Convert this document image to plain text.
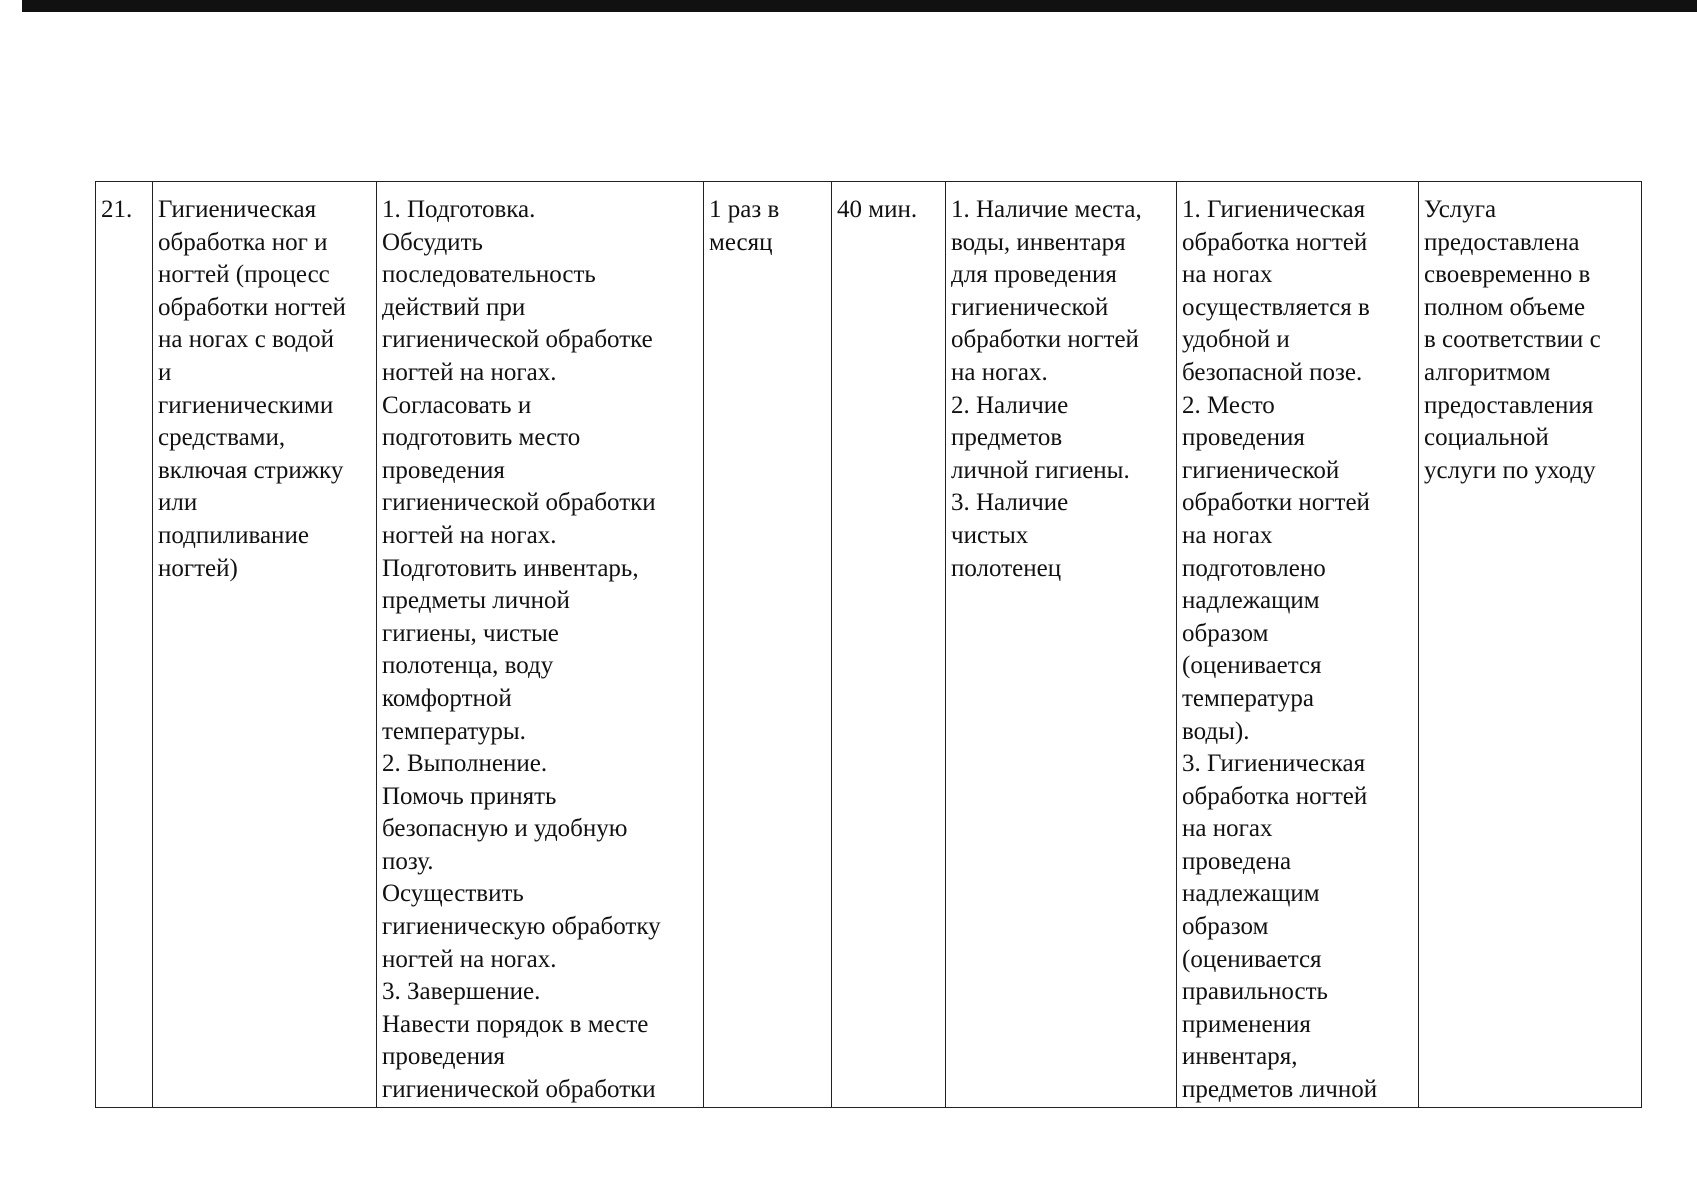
21.	Гигиеническая
обработка ног и
ногтей (процесс
обработки ногтей
на ногах с водой
и
гигиеническими
средствами,
включая стрижку
или
подпиливание
ногтей)	1. Подготовка.
Обсудить
последовательность
действий при
гигиенической обработке
ногтей на ногах.
Согласовать и
подготовить место
проведения
гигиенической обработки
ногтей на ногах.
Подготовить инвентарь,
предметы личной
гигиены, чистые
полотенца, воду
комфортной
температуры.
2. Выполнение.
Помочь принять
безопасную и удобную
позу.
Осуществить
гигиеническую обработку
ногтей на ногах.
3. Завершение.
Навести порядок в месте
проведения
гигиенической обработки	1 раз в
месяц	40 мин.	1. Наличие места,
воды, инвентаря
для проведения
гигиенической
обработки ногтей
на ногах.
2. Наличие
предметов
личной гигиены.
3. Наличие
чистых
полотенец	1. Гигиеническая
обработка ногтей
на ногах
осуществляется в
удобной и
безопасной позе.
2. Место
проведения
гигиенической
обработки ногтей
на ногах
подготовлено
надлежащим
образом
(оценивается
температура
воды).
3. Гигиеническая
обработка ногтей
на ногах
проведена
надлежащим
образом
(оценивается
правильность
применения
инвентаря,
предметов личной	Услуга
предоставлена
своевременно в
полном объеме
в соответствии с
алгоритмом
предоставления
социальной
услуги по уходу
